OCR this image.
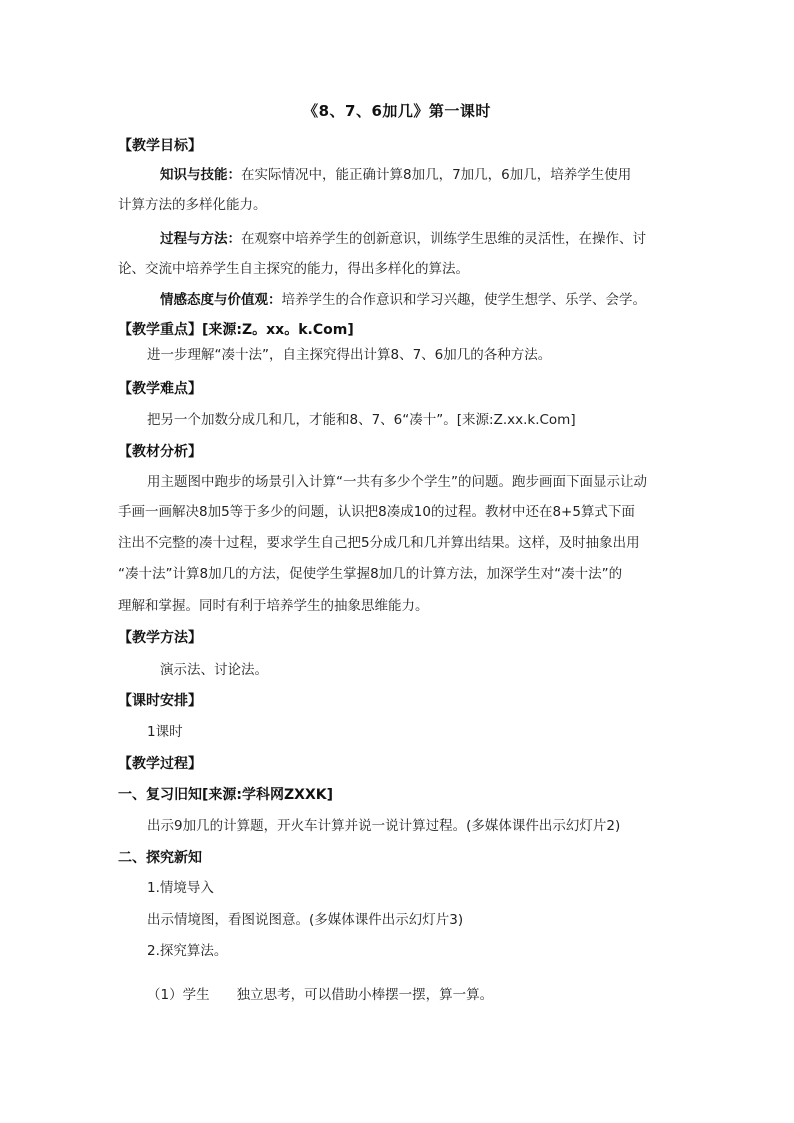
《8、7、6加几》第一课时
【教学目标】
知识与技能：在实际情况中，能正确计算8加几，7加几，6加几，培养学生使用
计算方法的多样化能力。
过程与方法：在观察中培养学生的创新意识，训练学生思维的灵活性，在操作、讨
论、交流中培养学生自主探究的能力，得出多样化的算法。
情感态度与价值观：培养学生的合作意识和学习兴趣，使学生想学、乐学、会学。
【教学重点】[来源:Z。xx。k.Com]
进一步理解“凑十法”，自主探究得出计算8、7、6加几的各种方法。
【教学难点】
把另一个加数分成几和几，才能和8、7、6“凑十”。[来源:Z.xx.k.Com]
【教材分析】
用主题图中跑步的场景引入计算“一共有多少个学生”的问题。跑步画面下面显示让动
手画一画解决8加5等于多少的问题，认识把8凑成10的过程。教材中还在8+5算式下面
注出不完整的凑十过程，要求学生自己把5分成几和几并算出结果。这样，及时抽象出用
“凑十法”计算8加几的方法，促使学生掌握8加几的计算方法，加深学生对“凑十法”的
理解和掌握。同时有利于培养学生的抽象思维能力。
【教学方法】
演示法、讨论法。
【课时安排】
1课时
【教学过程】
一、复习旧知[来源:学科网ZXXK]
出示9加几的计算题，开火车计算并说一说计算过程。(多媒体课件出示幻灯片2)
二、探究新知
1.情境导入
出示情境图，看图说图意。(多媒体课件出示幻灯片3)
2.探究算法。
（1）学生　　独立思考，可以借助小棒摆一摆，算一算。
